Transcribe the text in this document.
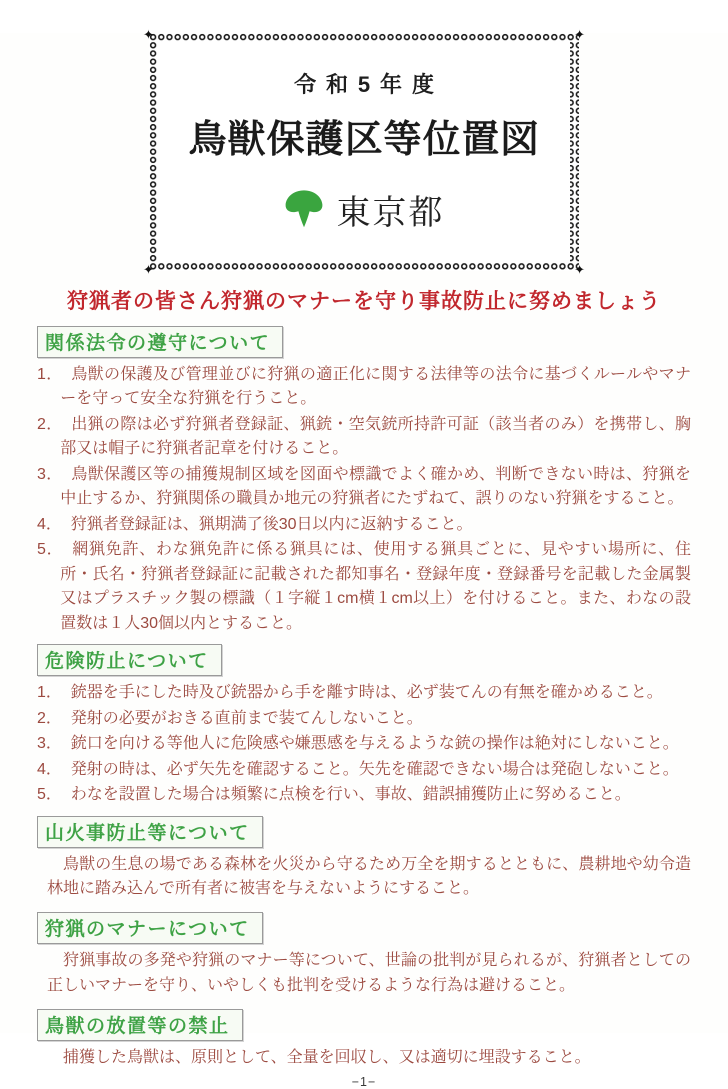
✦	✦
✦	✦
令和5年度
鳥獣保護区等位置図
東京都
狩猟者の皆さん狩猟のマナーを守り事故防止に努めましょう
関係法令の遵守について
1． 鳥獣の保護及び管理並びに狩猟の適正化に関する法律等の法令に基づくルールやマナーを守って安全な狩猟を行うこと。
2． 出猟の際は必ず狩猟者登録証、猟銃・空気銃所持許可証（該当者のみ）を携帯し、胸部又は帽子に狩猟者記章を付けること。
3． 鳥獣保護区等の捕獲規制区域を図面や標識でよく確かめ、判断できない時は、狩猟を中止するか、狩猟関係の職員か地元の狩猟者にたずねて、誤りのない狩猟をすること。
4． 狩猟者登録証は、猟期満了後30日以内に返納すること。
5． 網猟免許、わな猟免許に係る猟具には、使用する猟具ごとに、見やすい場所に、住所・氏名・狩猟者登録証に記載された都知事名・登録年度・登録番号を記載した金属製又はプラスチック製の標識（１字縦１cm横１cm以上）を付けること。また、わなの設置数は１人30個以内とすること。
危険防止について
1． 銃器を手にした時及び銃器から手を離す時は、必ず装てんの有無を確かめること。
2． 発射の必要がおきる直前まで装てんしないこと。
3． 銃口を向ける等他人に危険感や嫌悪感を与えるような銃の操作は絶対にしないこと。
4． 発射の時は、必ず矢先を確認すること。矢先を確認できない場合は発砲しないこと。
5． わなを設置した場合は頻繁に点検を行い、事故、錯誤捕獲防止に努めること。
山火事防止等について
鳥獣の生息の場である森林を火災から守るため万全を期するとともに、農耕地や幼令造林地に踏み込んで所有者に被害を与えないようにすること。
狩猟のマナーについて
狩猟事故の多発や狩猟のマナー等について、世論の批判が見られるが、狩猟者としての正しいマナーを守り、いやしくも批判を受けるような行為は避けること。
鳥獣の放置等の禁止
捕獲した鳥獣は、原則として、全量を回収し、又は適切に埋設すること。
−1−
